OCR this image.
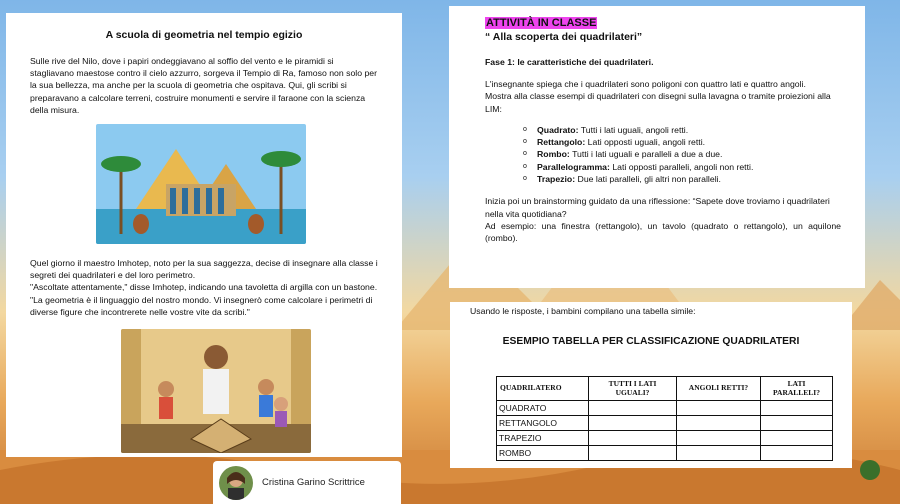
A scuola di geometria nel tempio egizio

Sulle rive del Nilo, dove i papiri ondeggiavano al soffio del vento e le piramidi si stagliavano maestose contro il cielo azzurro, sorgeva il Tempio di Ra, famoso non solo per la sua bellezza, ma anche per la scuola di geometria che ospitava. Qui, gli scribi si preparavano a calcolare terreni, costruire monumenti e servire il faraone con la scienza della misura.

Quel giorno il maestro Imhotep, noto per la sua saggezza, decise di insegnare alla classe i segreti dei quadrilateri e del loro perimetro.

"Ascoltate attentamente," disse Imhotep, indicando una tavoletta di argilla con un bastone. "La geometria è il linguaggio del nostro mondo. Vi insegnerò come calcolare i perimetri di diverse figure che incontrerete nelle vostre vite da scribi."

ATTIVITÀ IN CLASSE
“ Alla scoperta dei quadrilateri”
Fase 1: le caratteristiche dei quadrilateri.

L'insegnante spiega che i quadrilateri sono poligoni con quattro lati e quattro angoli.

Mostra alla classe esempi di quadrilateri con disegni sulla lavagna o tramite proiezioni alla LIM:

o Quadrato: Tutti i lati uguali, angoli retti.
o Rettangolo: Lati opposti uguali, angoli retti.
o Rombo: Tutti i lati uguali e paralleli a due a due.
o Parallelogramma: Lati opposti paralleli, angoli non retti.
o Trapezio: Due lati paralleli, gli altri non paralleli.

Inizia poi un brainstorming guidato da una riflessione: “Sapete dove troviamo i quadrilateri nella vita quotidiana?

Ad esempio: una finestra (rettangolo), un tavolo (quadrato o rettangolo), un aquilone (rombo).

Usando le risposte, i bambini compilano una tabella simile:
ESEMPIO TABELLA PER CLASSIFICAZIONE QUADRILATERI
QUADRILATERO	TUTTI I LATI UGUALI?	ANGOLI RETTI?	LATI PARALLELI?
QUADRATO			
RETTANGOLO			
TRAPEZIO			
ROMBO			
Cristina Garino Scrittrice
